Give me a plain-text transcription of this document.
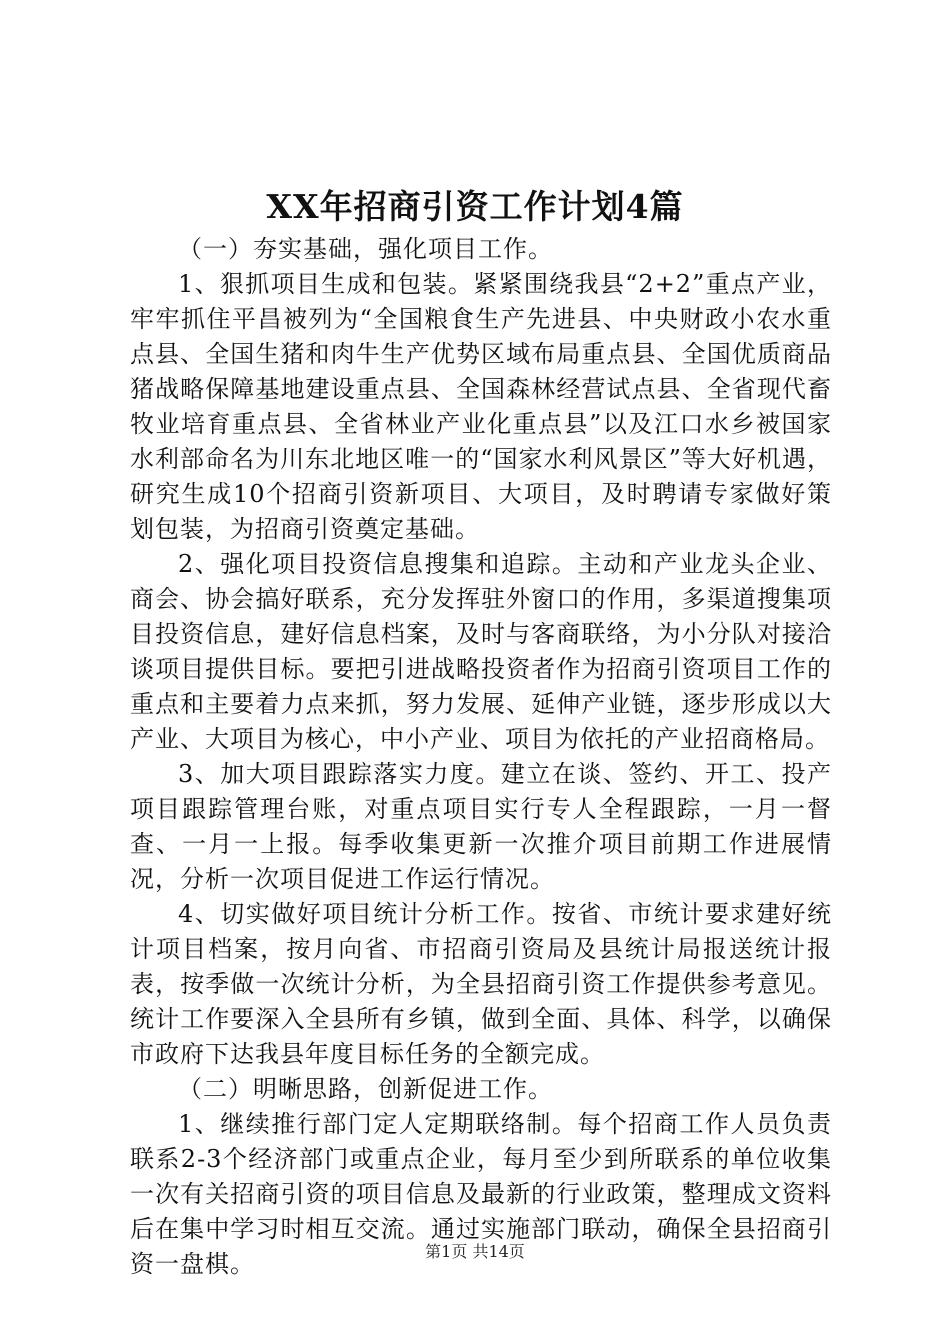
XX年招商引资工作计划4篇

（一）夯实基础，强化项目工作。

1、狠抓项目生成和包装。紧紧围绕我县“2+2”重点产业，牢牢抓住平昌被列为“全国粮食生产先进县、中央财政小农水重点县、全国生猪和肉牛生产优势区域布局重点县、全国优质商品猪战略保障基地建设重点县、全国森林经营试点县、全省现代畜牧业培育重点县、全省林业产业化重点县”以及江口水乡被国家水利部命名为川东北地区唯一的“国家水利风景区”等大好机遇，研究生成10个招商引资新项目、大项目，及时聘请专家做好策划包装，为招商引资奠定基础。

2、强化项目投资信息搜集和追踪。主动和产业龙头企业、商会、协会搞好联系，充分发挥驻外窗口的作用，多渠道搜集项目投资信息，建好信息档案，及时与客商联络，为小分队对接洽谈项目提供目标。要把引进战略投资者作为招商引资项目工作的重点和主要着力点来抓，努力发展、延伸产业链，逐步形成以大产业、大项目为核心，中小产业、项目为依托的产业招商格局。

3、加大项目跟踪落实力度。建立在谈、签约、开工、投产项目跟踪管理台账，对重点项目实行专人全程跟踪，一月一督查、一月一上报。每季收集更新一次推介项目前期工作进展情况，分析一次项目促进工作运行情况。

4、切实做好项目统计分析工作。按省、市统计要求建好统计项目档案，按月向省、市招商引资局及县统计局报送统计报表，按季做一次统计分析，为全县招商引资工作提供参考意见。统计工作要深入全县所有乡镇，做到全面、具体、科学，以确保市政府下达我县年度目标任务的全额完成。

（二）明晰思路，创新促进工作。

1、继续推行部门定人定期联络制。每个招商工作人员负责联系2-3个经济部门或重点企业，每月至少到所联系的单位收集一次有关招商引资的项目信息及最新的行业政策，整理成文资料后在集中学习时相互交流。通过实施部门联动，确保全县招商引资一盘棋。	第1页 共14页
